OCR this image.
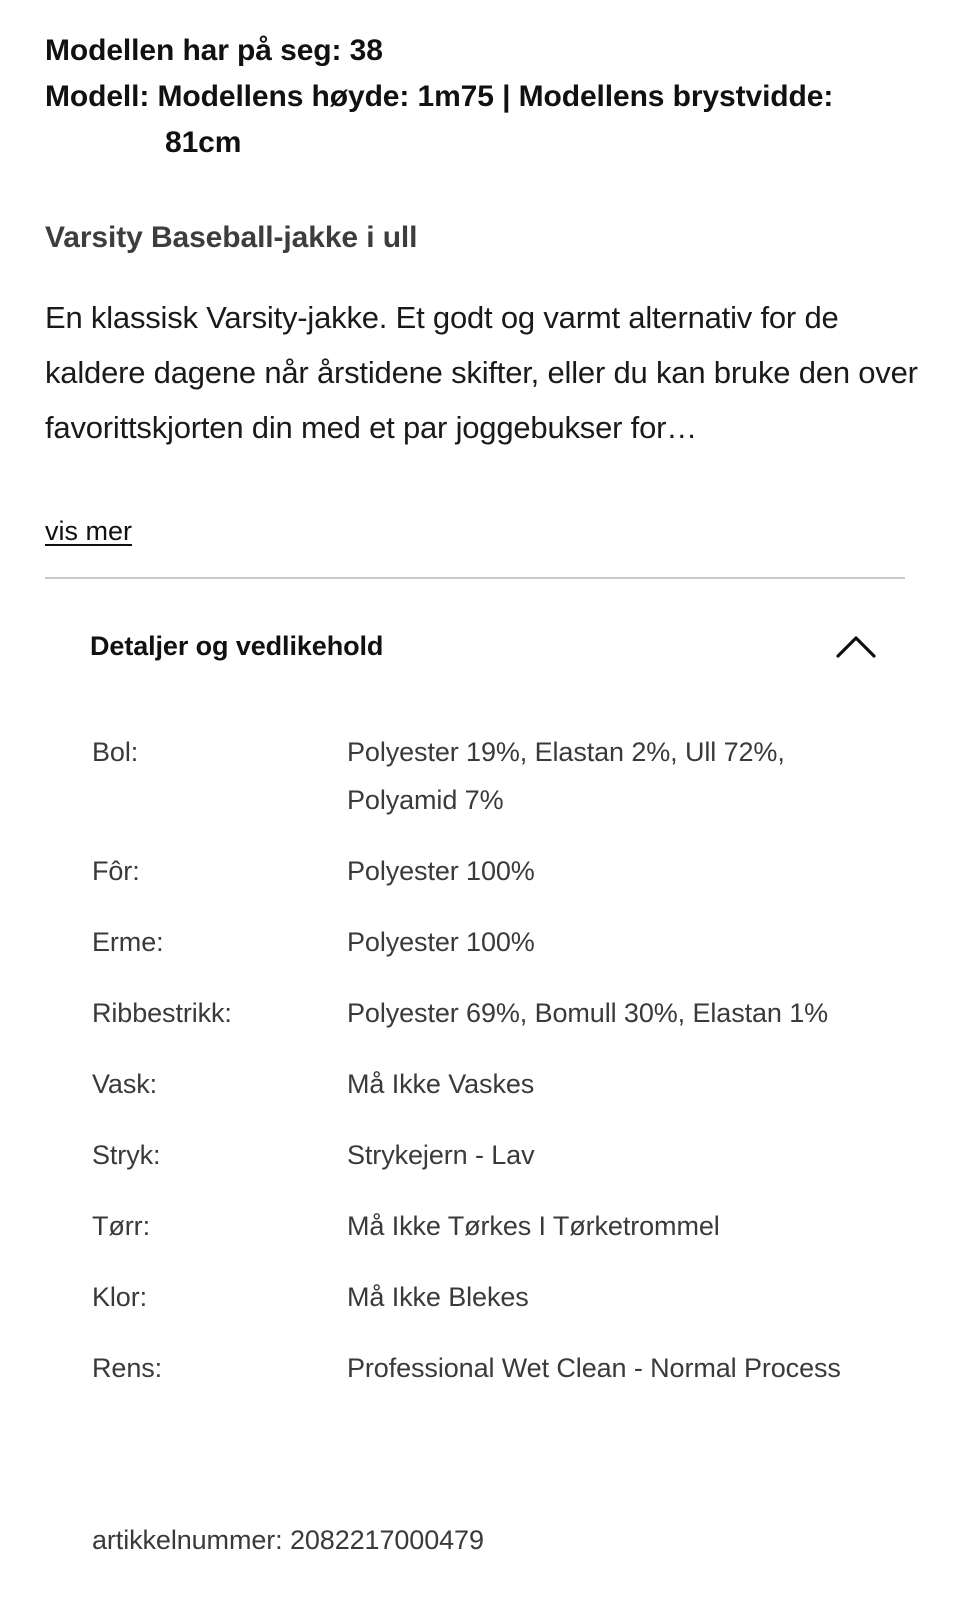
Modellen har på seg: 38
Modell: Modellens høyde: 1m75 | Modellens brystvidde:
81cm
Varsity Baseball-jakke i ull
En klassisk Varsity-jakke. Et godt og varmt alternativ for de kaldere dagene når årstidene skifter, eller du kan bruke den over favorittskjorten din med et par joggebukser for…
vis mer
Detaljer og vedlikehold
Bol:	Polyester 19%, Elastan 2%, Ull 72%, Polyamid 7%
Fôr:	Polyester 100%
Erme:	Polyester 100%
Ribbestrikk:	Polyester 69%, Bomull 30%, Elastan 1%
Vask:	Må Ikke Vaskes
Stryk:	Strykejern - Lav
Tørr:	Må Ikke Tørkes I Tørketrommel
Klor:	Må Ikke Blekes
Rens:	Professional Wet Clean - Normal Process
artikkelnummer: 2082217000479
